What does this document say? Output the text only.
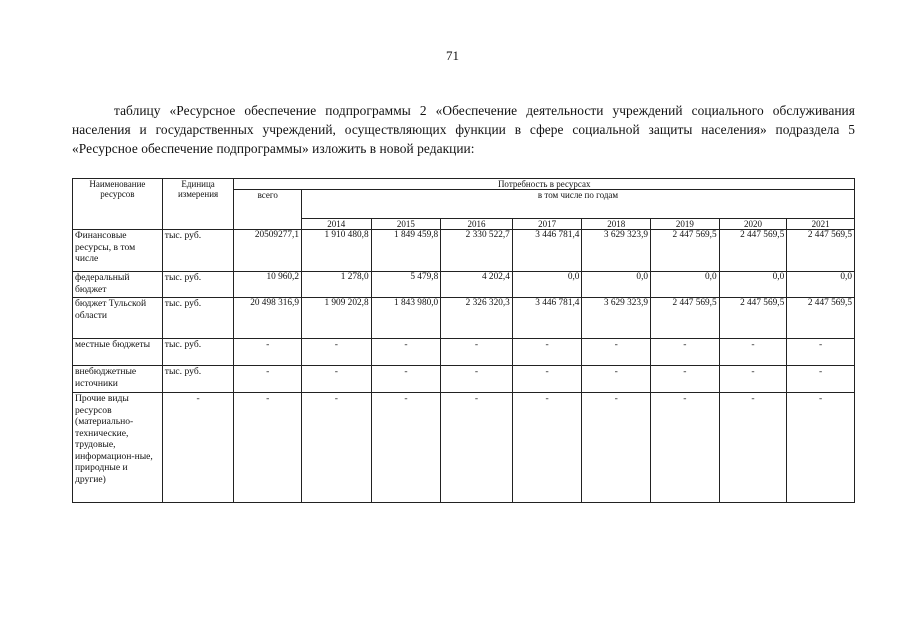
71
таблицу «Ресурсное обеспечение подпрограммы 2 «Обеспечение деятельности учреждений социального обслуживания населения и государственных учреждений, осуществляющих функции в сфере социальной защиты населения» подраздела 5 «Ресурсное обеспечение подпрограммы» изложить в новой редакции:
Наименование ресурсов	Единица измерения	Потребность в ресурсах								
		всего	в том числе по годам							
			2014	2015	2016	2017	2018	2019	2020	2021
Финансовые ресурсы, в том числе	тыс. руб.	20509277,1	1 910 480,8	1 849 459,8	2 330 522,7	3 446 781,4	3 629 323,9	2 447 569,5	2 447 569,5	2 447 569,5
федеральный бюджет	тыс. руб.	10 960,2	1 278,0	5 479,8	4 202,4	0,0	0,0	0,0	0,0	0,0
бюджет Тульской области	тыс. руб.	20 498 316,9	1 909 202,8	1 843 980,0	2 326 320,3	3 446 781,4	3 629 323,9	2 447 569,5	2 447 569,5	2 447 569,5
местные бюджеты	тыс. руб.	-	-	-	-	-	-	-	-	-
внебюджетные источники	тыс. руб.	-	-	-	-	-	-	-	-	-
Прочие виды ресурсов (материально-технические, трудовые, информацион-ные, природные и другие)	-	-	-	-	-	-	-	-	-	-
